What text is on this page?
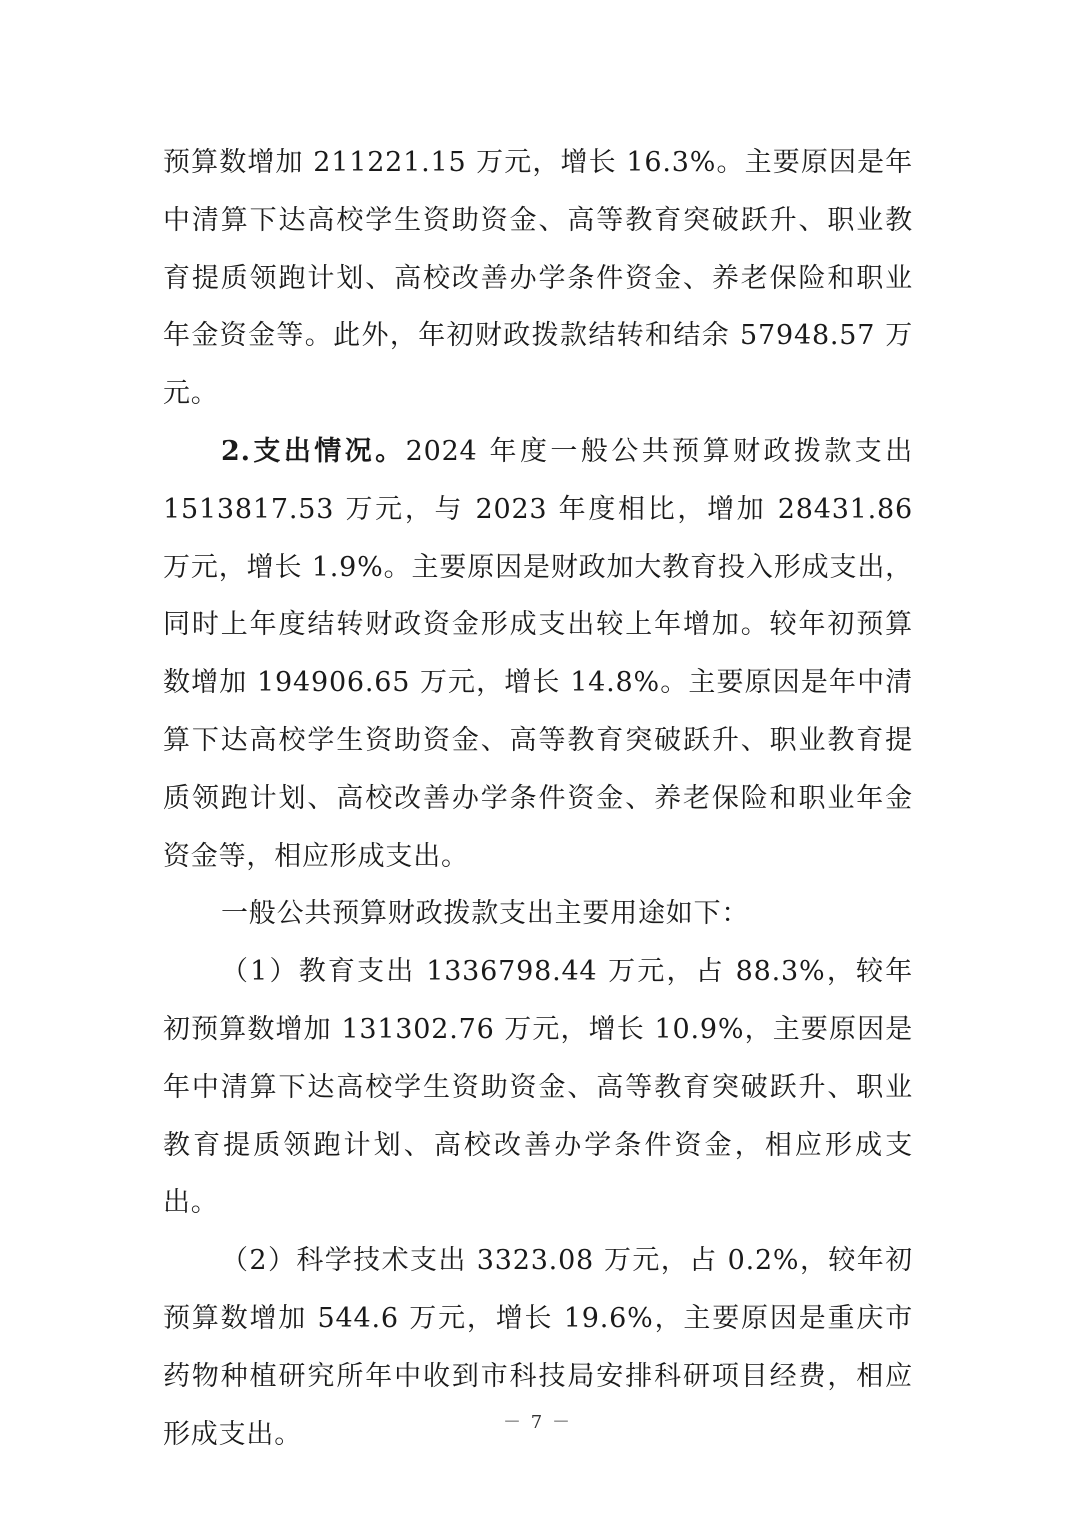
预算数增加 211221.15 万元，增长 16.3%。主要原因是年中清算下达高校学生资助资金、高等教育突破跃升、职业教育提质领跑计划、高校改善办学条件资金、养老保险和职业年金资金等。此外，年初财政拨款结转和结余 57948.57 万元。

2.支出情况。2024 年度一般公共预算财政拨款支出 1513817.53 万元，与 2023 年度相比，增加 28431.86 万元，增长 1.9%。主要原因是财政加大教育投入形成支出，同时上年度结转财政资金形成支出较上年增加。较年初预算数增加 194906.65 万元，增长 14.8%。主要原因是年中清算下达高校学生资助资金、高等教育突破跃升、职业教育提质领跑计划、高校改善办学条件资金、养老保险和职业年金资金等，相应形成支出。

一般公共预算财政拨款支出主要用途如下：

（1）教育支出 1336798.44 万元，占 88.3%，较年初预算数增加 131302.76 万元，增长 10.9%，主要原因是年中清算下达高校学生资助资金、高等教育突破跃升、职业教育提质领跑计划、高校改善办学条件资金，相应形成支出。

（2）科学技术支出 3323.08 万元，占 0.2%，较年初预算数增加 544.6 万元，增长 19.6%，主要原因是重庆市药物种植研究所年中收到市科技局安排科研项目经费，相应形成支出。	－ 7 －
